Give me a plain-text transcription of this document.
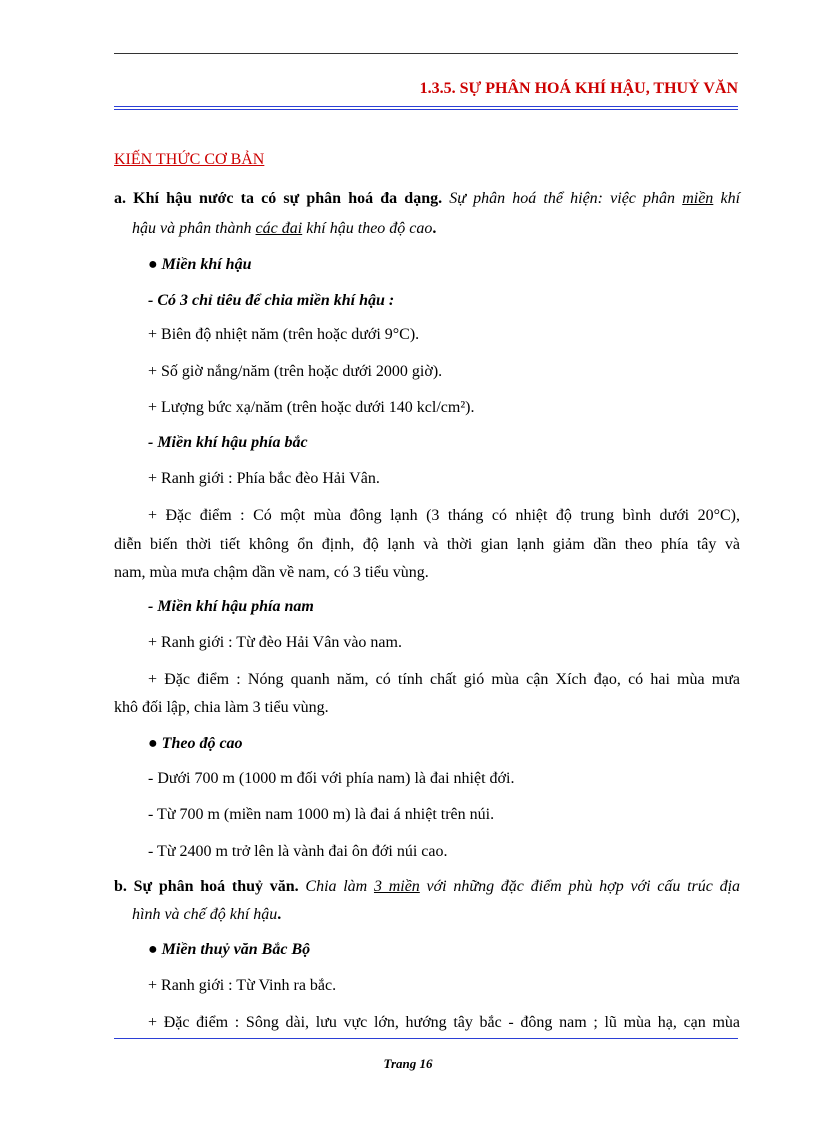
1.3.5. SỰ PHÂN HOÁ KHÍ HẬU, THUỶ VĂN
KIẾN THỨC CƠ BẢN
a. Khí hậu nước ta có sự phân hoá đa dạng. Sự phân hoá thể hiện: việc phân miền khí
hậu và phân thành các đai khí hậu theo độ cao.
● Miền khí hậu
- Có 3 chỉ tiêu để chia miền khí hậu :
+ Biên độ nhiệt năm (trên hoặc dưới 9°C).
+ Số giờ nắng/năm (trên hoặc dưới 2000 giờ).
+ Lượng bức xạ/năm (trên hoặc dưới 140 kcl/cm²).
- Miền khí hậu phía bắc
+ Ranh giới : Phía bắc đèo Hải Vân.
+ Đặc điểm : Có một mùa đông lạnh (3 tháng có nhiệt độ trung bình dưới 20°C),
diễn biến thời tiết không ổn định, độ lạnh và thời gian lạnh giảm dần theo phía tây và
nam, mùa mưa chậm dần về nam, có 3 tiểu vùng.
- Miền khí hậu phía nam
+ Ranh giới : Từ đèo Hải Vân vào nam.
+ Đặc điểm : Nóng quanh năm, có tính chất gió mùa cận Xích đạo, có hai mùa mưa
khô đối lập, chia làm 3 tiểu vùng.
● Theo độ cao
- Dưới 700 m (1000 m đối với phía nam) là đai nhiệt đới.
- Từ 700 m (miền nam 1000 m) là đai á nhiệt trên núi.
- Từ 2400 m trở lên là vành đai ôn đới núi cao.
b. Sự phân hoá thuỷ văn. Chia làm 3 miền với những đặc điểm phù hợp với cấu trúc địa
hình và chế độ khí hậu.
● Miền thuỷ văn Bắc Bộ
+ Ranh giới : Từ Vinh ra bắc.
+ Đặc điểm : Sông dài, lưu vực lớn, hướng tây bắc - đông nam ; lũ mùa hạ, cạn mùa
Trang 16
